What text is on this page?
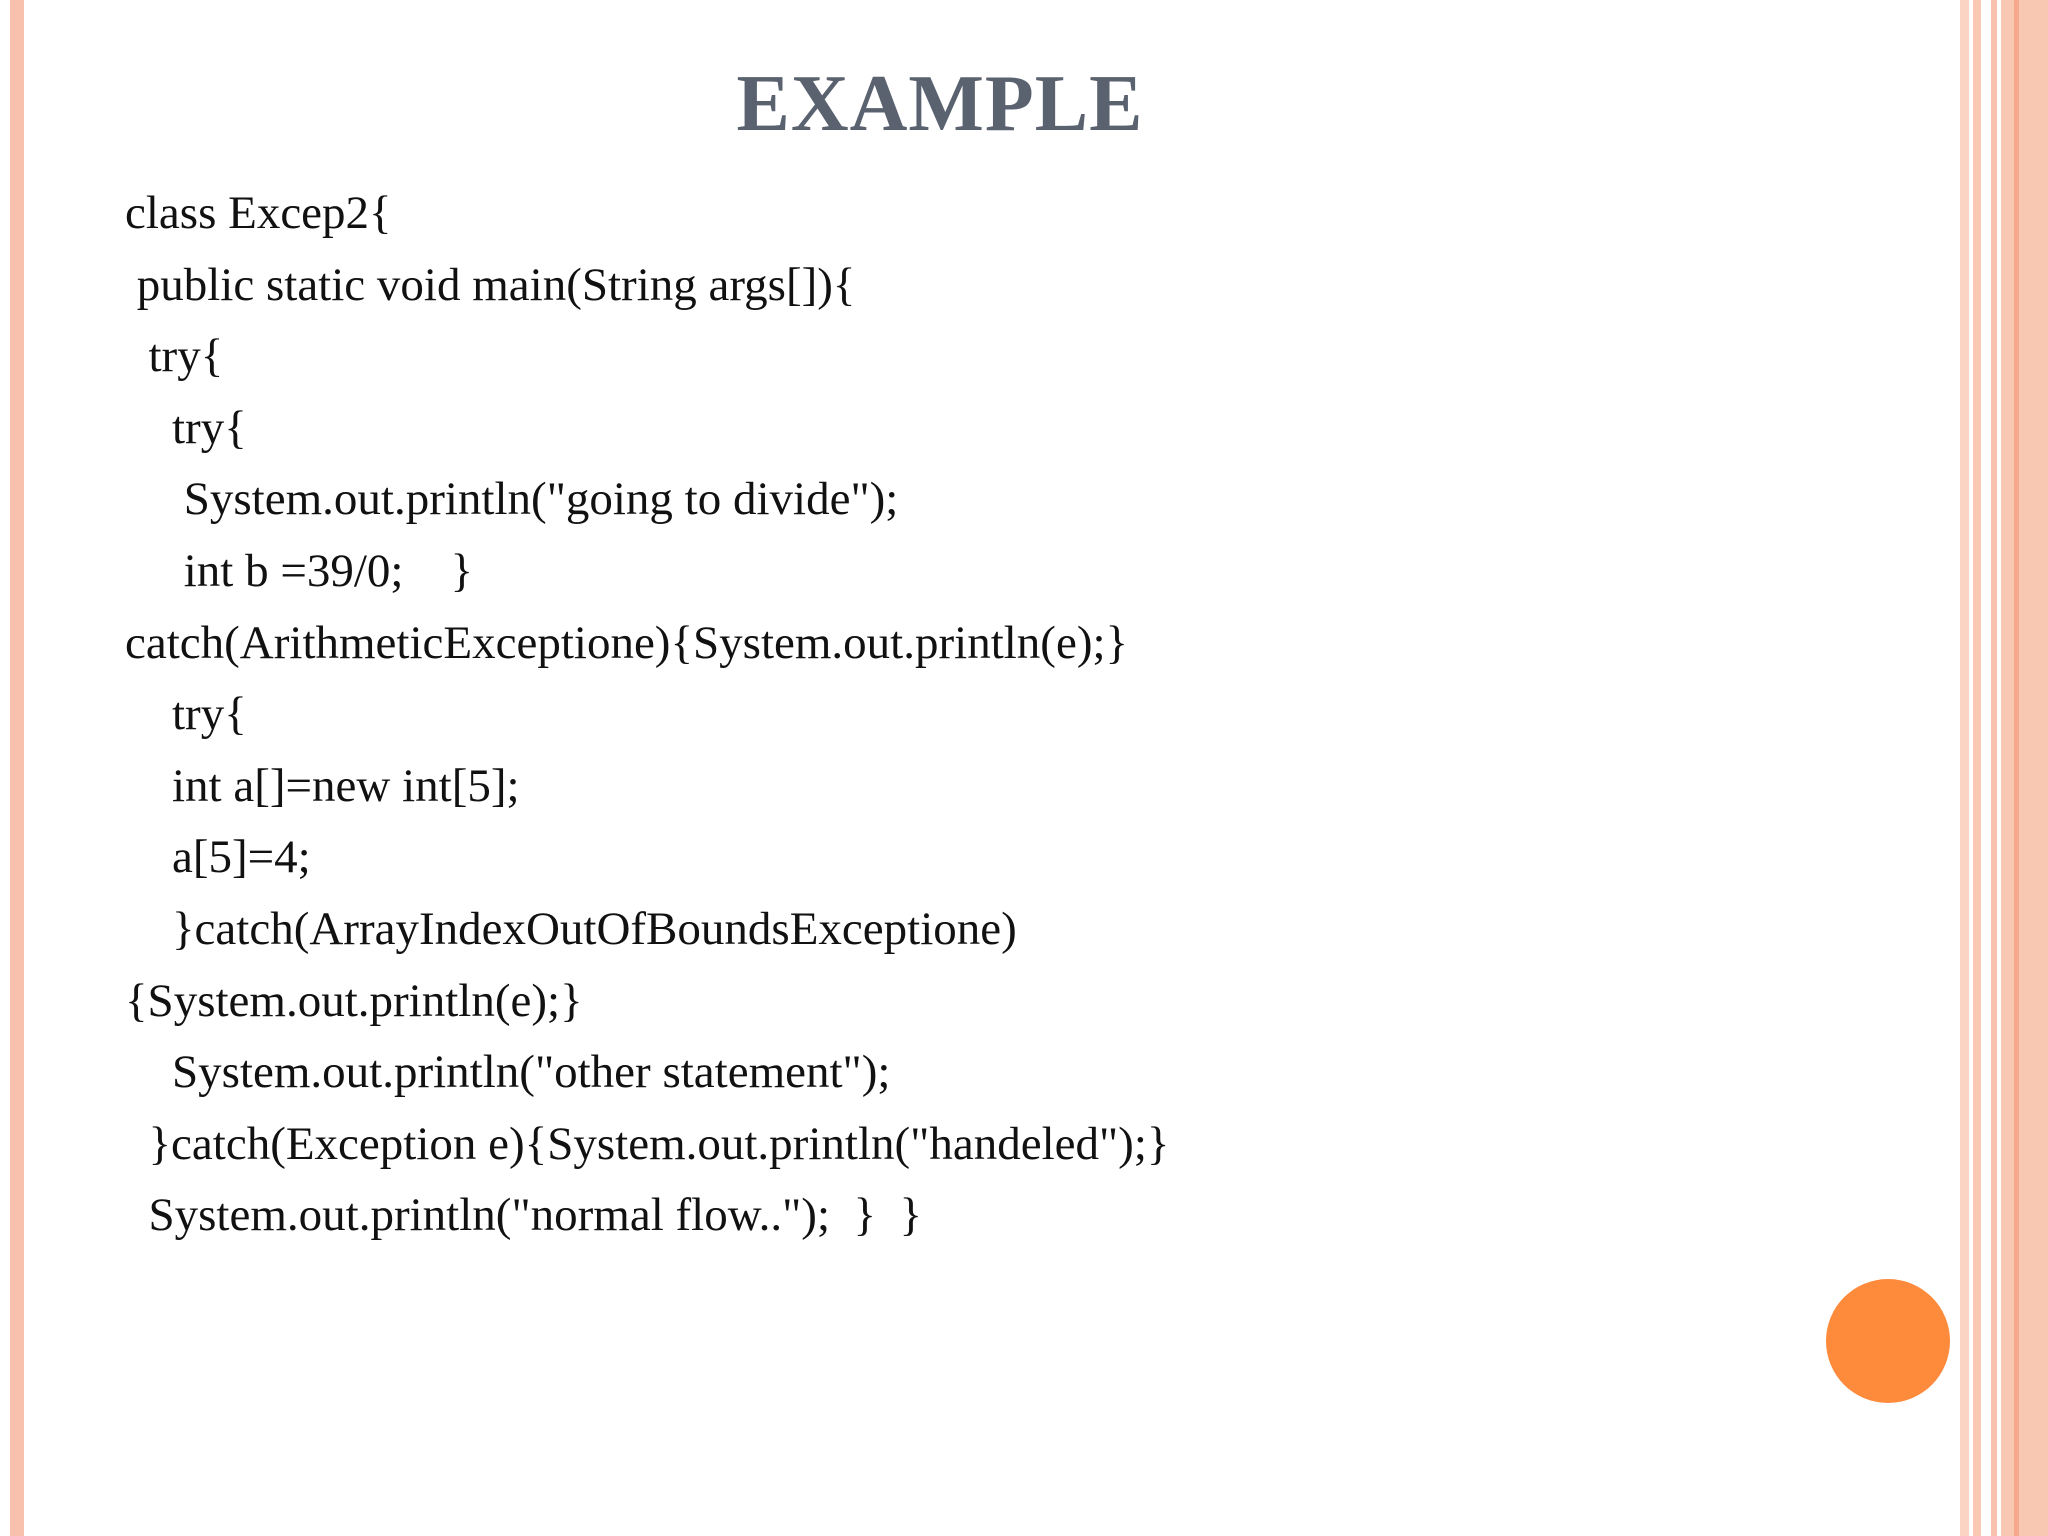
EXAMPLE
class Excep2{
public static void main(String args[]){
try{
try{
System.out.println("going to divide");
int b =39/0;    }
catch(ArithmeticExceptione){System.out.println(e);}
try{
int a[]=new int[5];
a[5]=4;
}catch(ArrayIndexOutOfBoundsExceptione)
{System.out.println(e);}
System.out.println("other statement");
}catch(Exception e){System.out.println("handeled");}
System.out.println("normal flow..");  }  }
